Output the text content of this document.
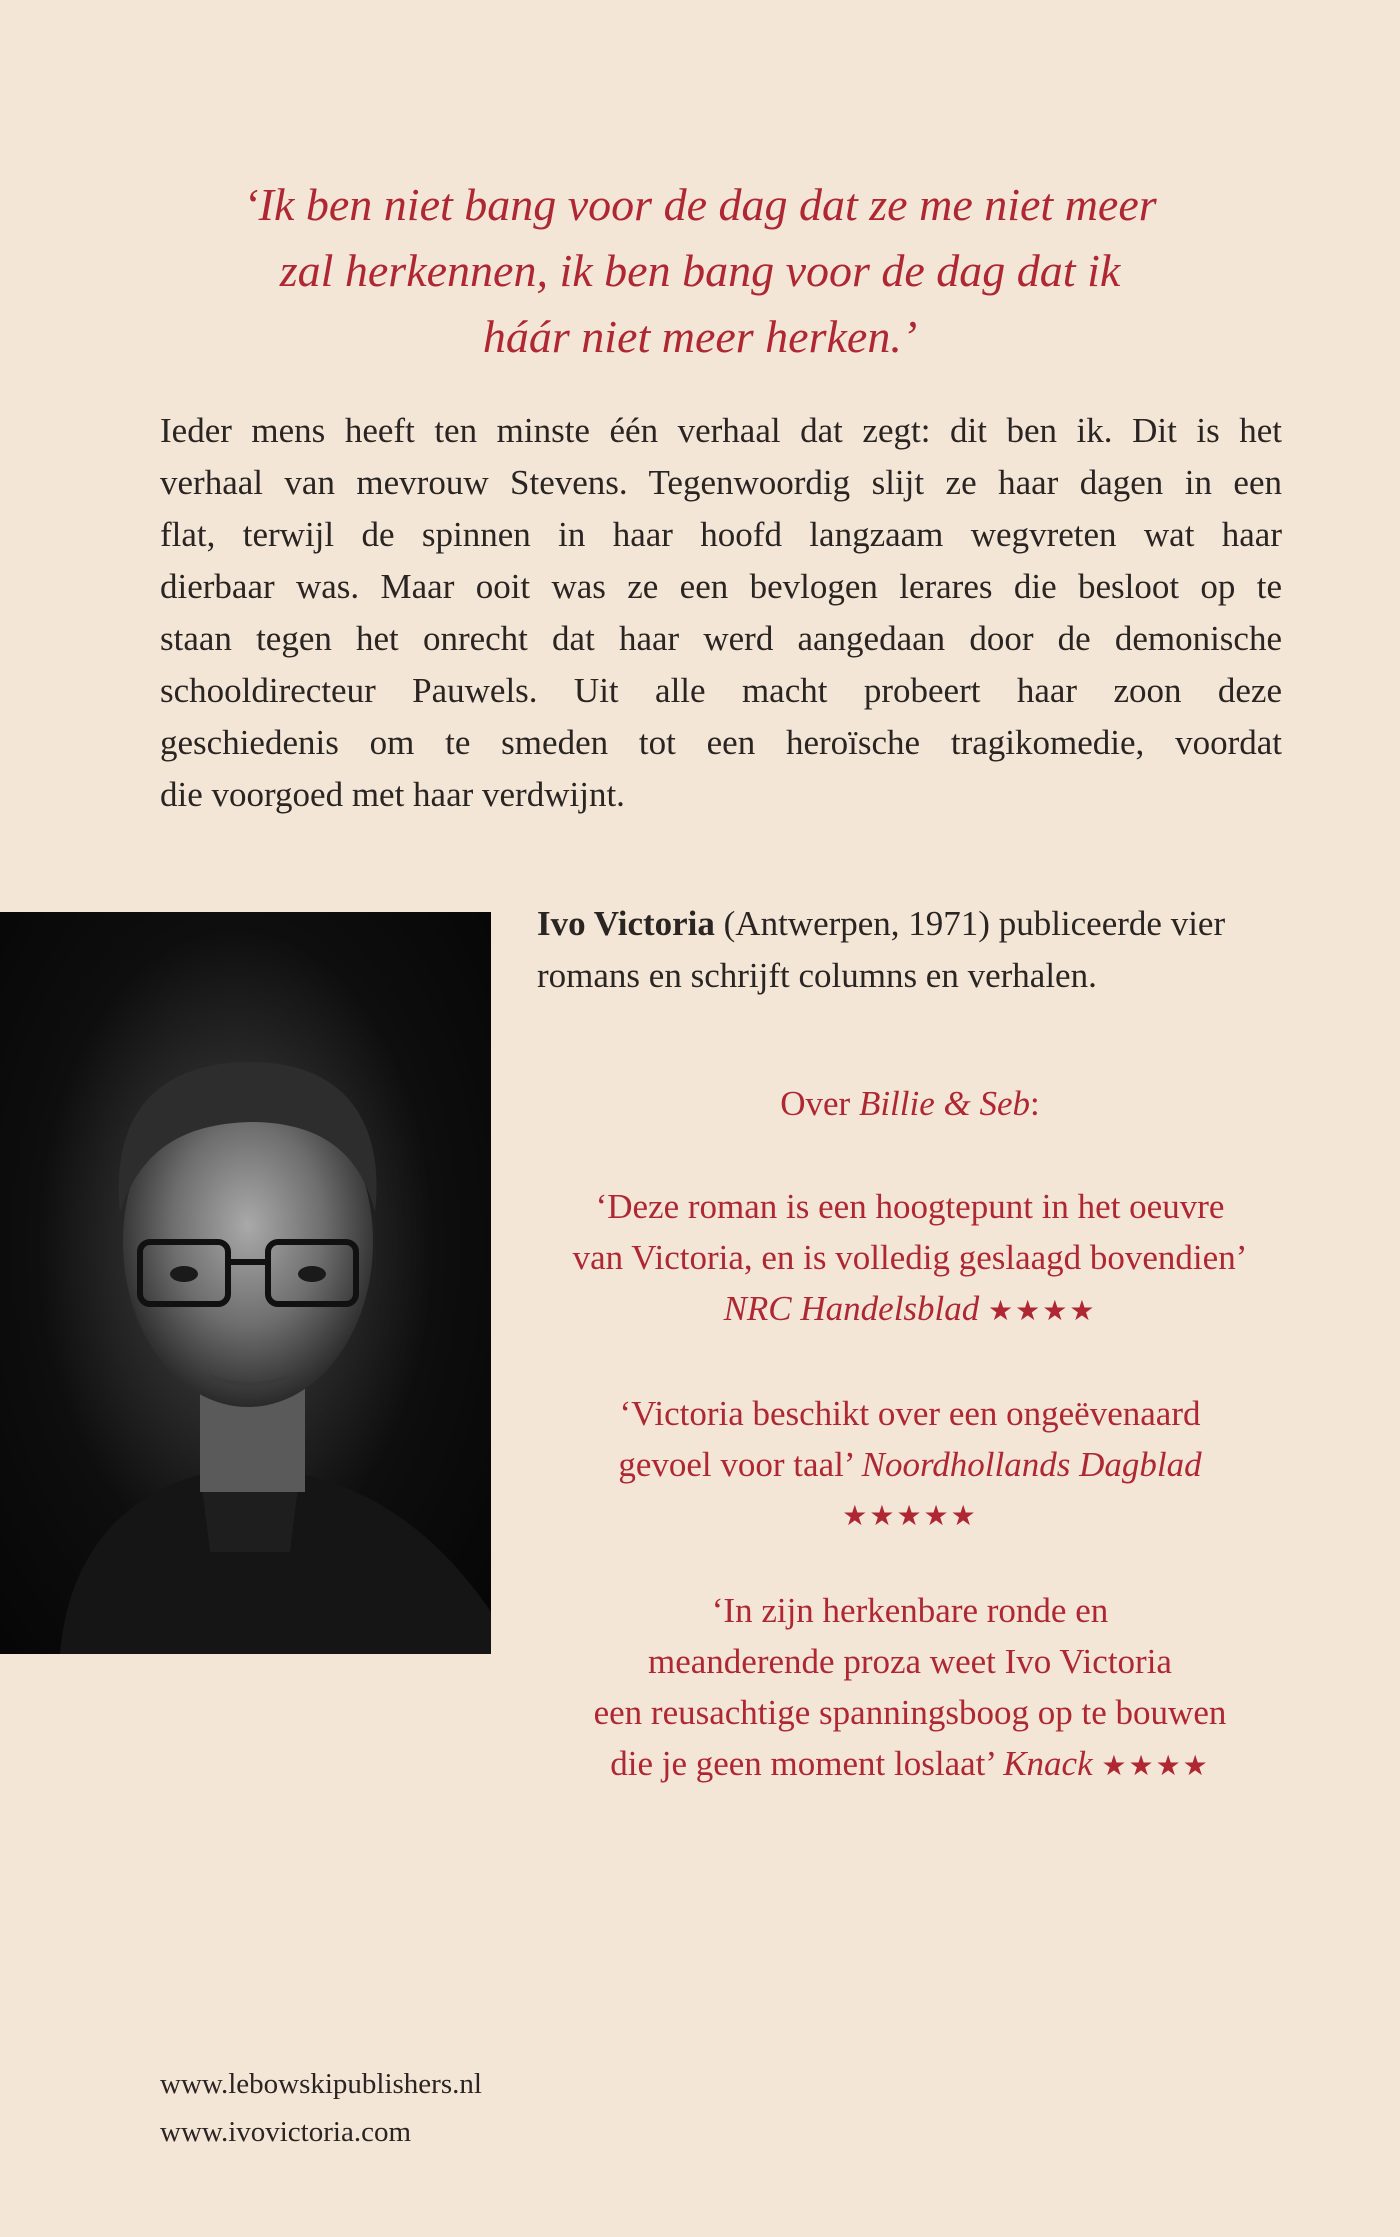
‘Ik ben niet bang voor de dag dat ze me niet meer
zal herkennen, ik ben bang voor de dag dat ik
háár niet meer herken.’
Ieder mens heeft ten minste één verhaal dat zegt: dit ben ik. Dit is het
verhaal van mevrouw Stevens. Tegenwoordig slijt ze haar dagen in een
flat, terwijl de spinnen in haar hoofd langzaam wegvreten wat haar
dierbaar was. Maar ooit was ze een bevlogen lerares die besloot op te
staan tegen het onrecht dat haar werd aangedaan door de demonische
schooldirecteur Pauwels. Uit alle macht probeert haar zoon deze
geschiedenis om te smeden tot een heroïsche tragikomedie, voordat
die voorgoed met haar verdwijnt.
Ivo Victoria (Antwerpen, 1971) publiceerde vier
romans en schrijft columns en verhalen.
Over Billie & Seb:
‘Deze roman is een hoogtepunt in het oeuvre
van Victoria, en is volledig geslaagd bovendien’
NRC Handelsblad ★★★★
‘Victoria beschikt over een ongeëvenaard
gevoel voor taal’ Noordhollands Dagblad
★★★★★
‘In zijn herkenbare ronde en
meanderende proza weet Ivo Victoria
een reusachtige spanningsboog op te bouwen
die je geen moment loslaat’ Knack ★★★★
www.lebowskipublishers.nl
www.ivovictoria.com
